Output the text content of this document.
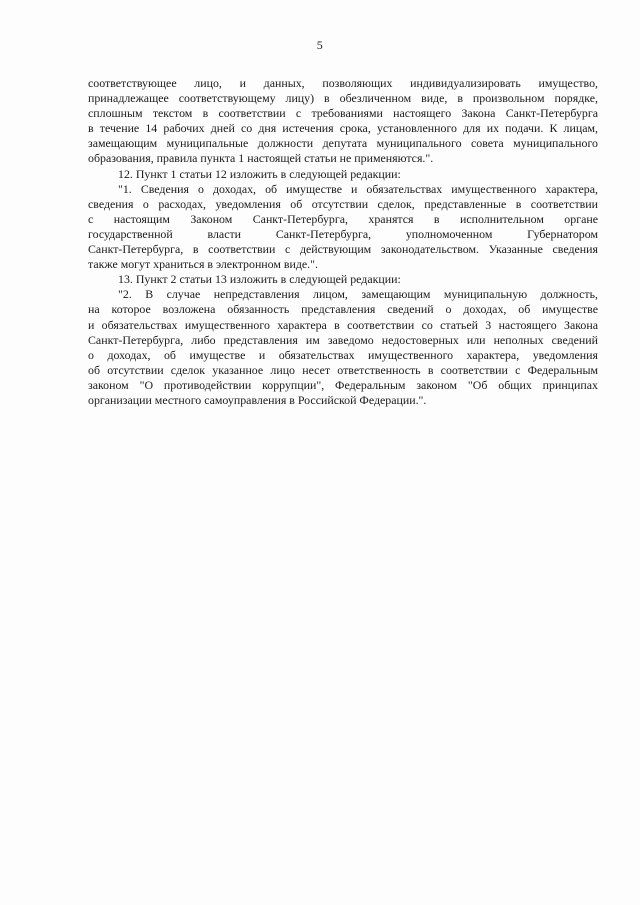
5
соответствующее лицо, и данных, позволяющих индивидуализировать имущество,
принадлежащее соответствующему лицу) в обезличенном виде, в произвольном порядке,
сплошным текстом в соответствии с требованиями настоящего Закона Санкт-Петербурга
в течение 14 рабочих дней со дня истечения срока, установленного для их подачи. К лицам,
замещающим муниципальные должности депутата муниципального совета муниципального
образования, правила пункта 1 настоящей статьи не применяются.".
12. Пункт 1 статьи 12 изложить в следующей редакции:
"1. Сведения о доходах, об имуществе и обязательствах имущественного характера,
сведения о расходах, уведомления об отсутствии сделок, представленные в соответствии
с настоящим Законом Санкт-Петербурга, хранятся в исполнительном органе
государственной власти Санкт-Петербурга, уполномоченном Губернатором
Санкт-Петербурга, в соответствии с действующим законодательством. Указанные сведения
также могут храниться в электронном виде.".
13. Пункт 2 статьи 13 изложить в следующей редакции:
"2. В случае непредставления лицом, замещающим муниципальную должность,
на которое возложена обязанность представления сведений о доходах, об имуществе
и обязательствах имущественного характера в соответствии со статьей 3 настоящего Закона
Санкт-Петербурга, либо представления им заведомо недостоверных или неполных сведений
о доходах, об имуществе и обязательствах имущественного характера, уведомления
об отсутствии сделок указанное лицо несет ответственность в соответствии с Федеральным
законом "О противодействии коррупции", Федеральным законом "Об общих принципах
организации местного самоуправления в Российской Федерации.".
